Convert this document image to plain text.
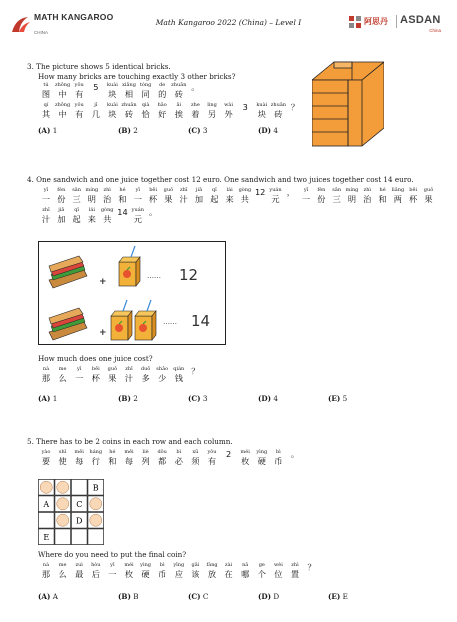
MATH KANGAROO
CHINA
Math Kangaroo 2022 (China) – Level I	阿思丹 ASDAN
China
3. The picture shows 5 identical bricks.
How many bricks are touching exactly 3 other bricks?
tú
图
zhōng
中
yǒu
有
5	kuài
块
xiāng
相
tóng
同
de
的
zhuān
砖
。
qí
其
zhōng
中
yǒu
有
jǐ
几
kuài
块
zhuān
砖
qià
恰
hǎo
好
āi
挨
zhe
着
lìng
另
wài
外
3	kuài
块
zhuān
砖
？
(A) 1	(B) 2	(C) 3	(D) 4
4. One sandwich and one juice together cost 12 euro. One sandwich and two juices together cost 14 euro.
yī
一
fèn
份
sān
三
míng
明
zhì
治
hé
和
yī
一
bēi
杯
guǒ
果
zhī
汁
jiā
加
qǐ
起
lái
来
gòng
共
12 yuán
元
，	yī
一
fèn
份
sān
三
míng
明
zhì
治
hé
和
liǎng
两
bēi
杯
guǒ
果
zhī
汁
jiā
加
qǐ
起
lái
来
gòng
共
14 yuán
元
。
+
…… 12
+
…… 14
How much does one juice cost?
nà
那
me
么
yī
一
bēi
杯
guǒ
果
zhī
汁
duō
多
shǎo
少
qián
钱
？
(A) 1	(B) 2	(C) 3	(D) 4	(E) 5
5. There has to be 2 coins in each row and each column.
yào
要
shǐ
使
měi
每
háng
行
hé
和
měi
每
liè
列
dōu
都
bì
必
xū
须
yǒu
有
2	méi
枚
yìng
硬
bì
币
。
B
A	C
D
E
Where do you need to put the final coin?
nà
那
me
么
zuì
最
hòu
后
yī
一
méi
枚
yìng
硬
bì
币
yīng
应
gāi
该
fàng
放
zài
在
nǎ
哪
ge
个
wèi
位
zhì
置
？
(A) A	(B) B	(C) C	(D) D	(E) E
